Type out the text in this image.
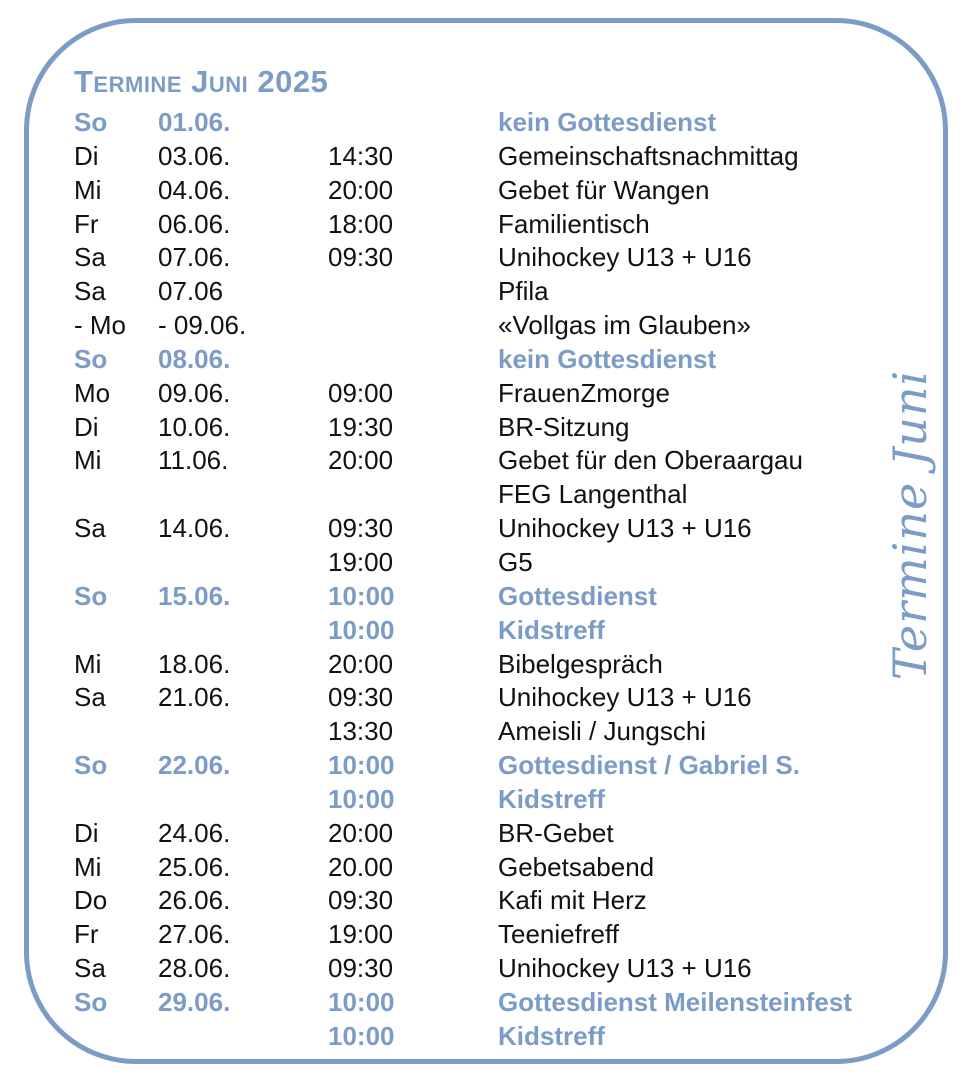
Termine Juni 2025
So 01.06.	kein Gottesdienst
Di 03.06.	14:30	Gemeinschaftsnachmittag
Mi 04.06.	20:00	Gebet für Wangen
Fr 06.06.	18:00	Familientisch
Sa 07.06.	09:30	Unihockey U13 + U16
Sa 07.06	Pfila
- Mo - 09.06.	«Vollgas im Glauben»
So 08.06.	kein Gottesdienst
Mo 09.06.	09:00	FrauenZmorge
Di 10.06.	19:30	BR-Sitzung
Mi 11.06.	20:00	Gebet für den Oberaargau
FEG Langenthal
Sa 14.06.	09:30	Unihockey U13 + U16
19:00	G5
So 15.06.	10:00	Gottesdienst
10:00	Kidstreff
Mi 18.06.	20:00	Bibelgespräch
Sa 21.06.	09:30	Unihockey U13 + U16
13:30	Ameisli / Jungschi
So 22.06.	10:00	Gottesdienst / Gabriel S.
10:00	Kidstreff
Di 24.06.	20:00	BR-Gebet
Mi 25.06.	20.00	Gebetsabend
Do 26.06.	09:30	Kafi mit Herz
Fr 27.06.	19:00	Teeniefreff
Sa 28.06.	09:30	Unihockey U13 + U16
So 29.06.	10:00	Gottesdienst Meilensteinfest
10:00	Kidstreff
Termine Juni
